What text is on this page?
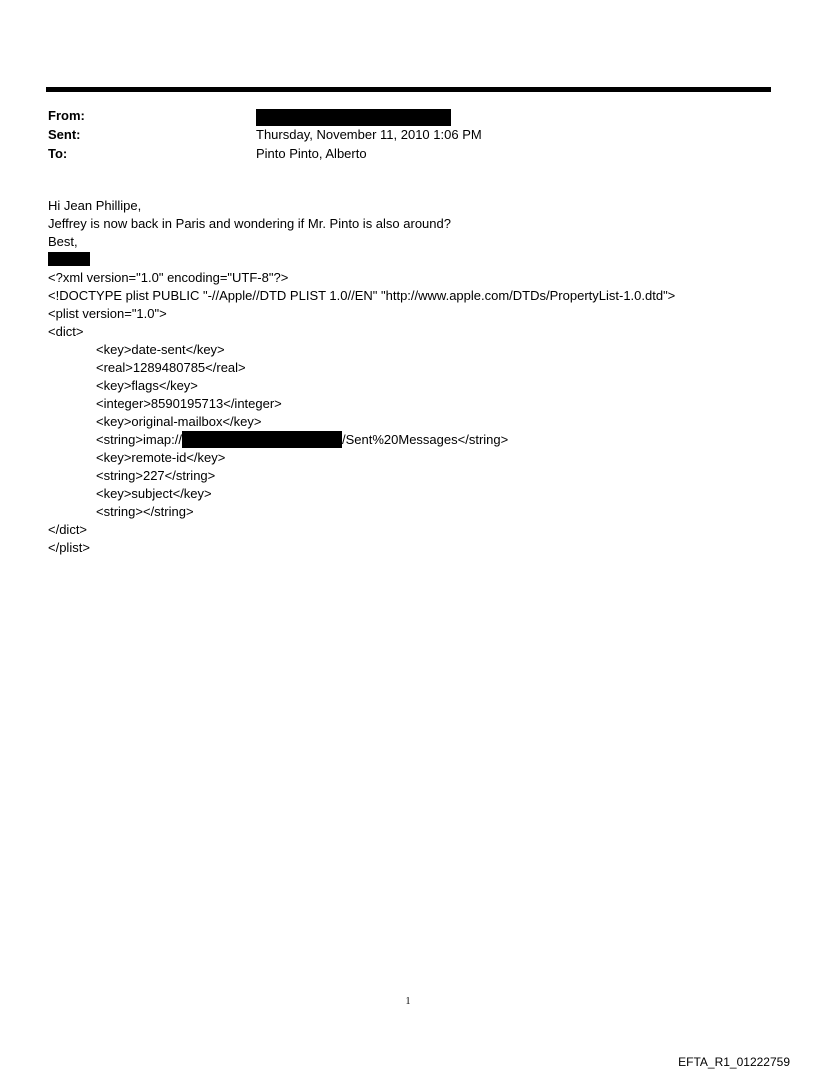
From:
Sent:	Thursday, November 11, 2010 1:06 PM
To:	Pinto Pinto, Alberto
Hi Jean Phillipe,
Jeffrey is now back in Paris and wondering if Mr. Pinto is also around?
Best,
<?xml version="1.0" encoding="UTF-8"?>
<!DOCTYPE plist PUBLIC "-//Apple//DTD PLIST 1.0//EN" "http://www.apple.com/DTDs/PropertyList-1.0.dtd">
<plist version="1.0">
<dict>
<key>date-sent</key>
<real>1289480785</real>
<key>flags</key>
<integer>8590195713</integer>
<key>original-mailbox</key>
<string>imap://	/Sent%20Messages</string>
<key>remote-id</key>
<string>227</string>
<key>subject</key>
<string></string>
</dict>
</plist>
1
EFTA_R1_01222759
